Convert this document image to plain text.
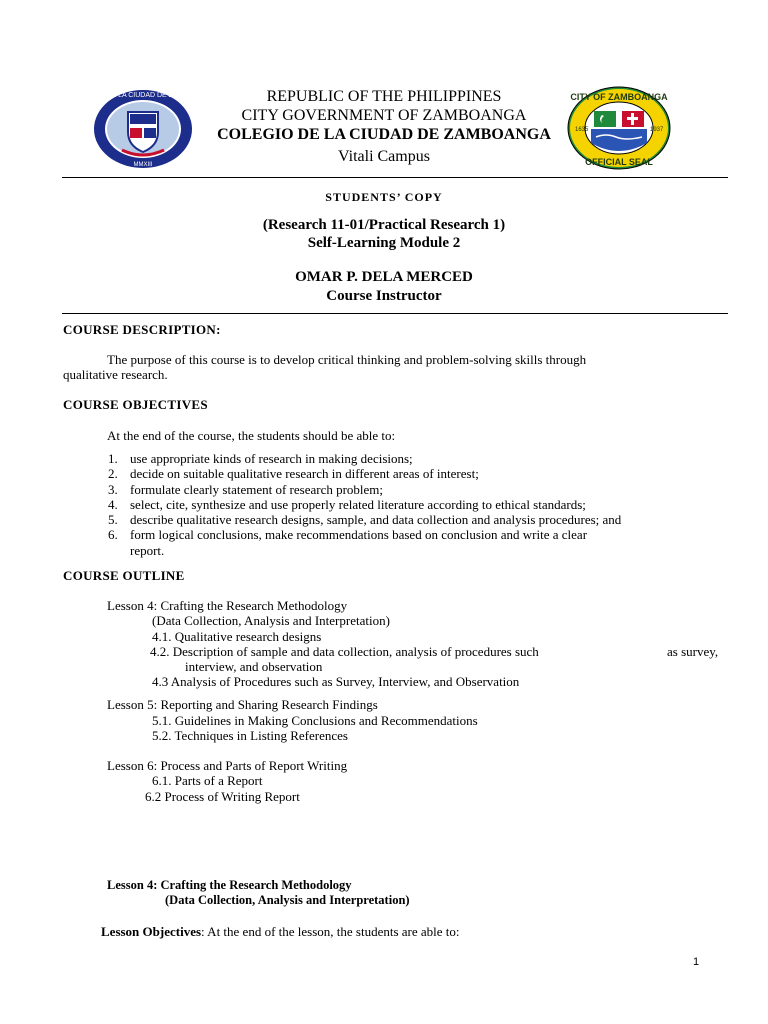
COLEGIO DE LA CIUDAD DE ZAMBOANGA
MMXIII
CITY OF ZAMBOANGA
OFFICIAL SEAL
1635	1937
REPUBLIC OF THE PHILIPPINES
CITY GOVERNMENT OF ZAMBOANGA
COLEGIO DE LA CIUDAD DE ZAMBOANGA
Vitali Campus
STUDENTS’ COPY
(Research 11-01/Practical Research 1)
Self-Learning Module 2
OMAR P. DELA MERCED
Course Instructor
COURSE DESCRIPTION:
The purpose of this course is to develop critical thinking and problem-solving skills through
qualitative research.
COURSE OBJECTIVES
At the end of the course, the students should be able to:
1. use appropriate kinds of research in making decisions;
2. decide on suitable qualitative research in different areas of interest;
3. formulate clearly statement of research problem;
4. select, cite, synthesize and use properly related literature according to ethical standards;
5. describe qualitative research designs, sample, and data collection and analysis procedures; and
6. form logical conclusions, make recommendations based on conclusion and write a clear
report.
COURSE OUTLINE
Lesson 4: Crafting the Research Methodology
(Data Collection, Analysis and Interpretation)
4.1. Qualitative research designs
4.2. Description of sample and data collection, analysis of procedures such	as survey,
interview, and observation
4.3 Analysis of Procedures such as Survey, Interview, and Observation
Lesson 5: Reporting and Sharing Research Findings
5.1. Guidelines in Making Conclusions and Recommendations
5.2. Techniques in Listing References
Lesson 6: Process and Parts of Report Writing
6.1. Parts of a Report
6.2 Process of Writing Report
Lesson 4: Crafting the Research Methodology
(Data Collection, Analysis and Interpretation)
Lesson Objectives: At the end of the lesson, the students are able to:
1
